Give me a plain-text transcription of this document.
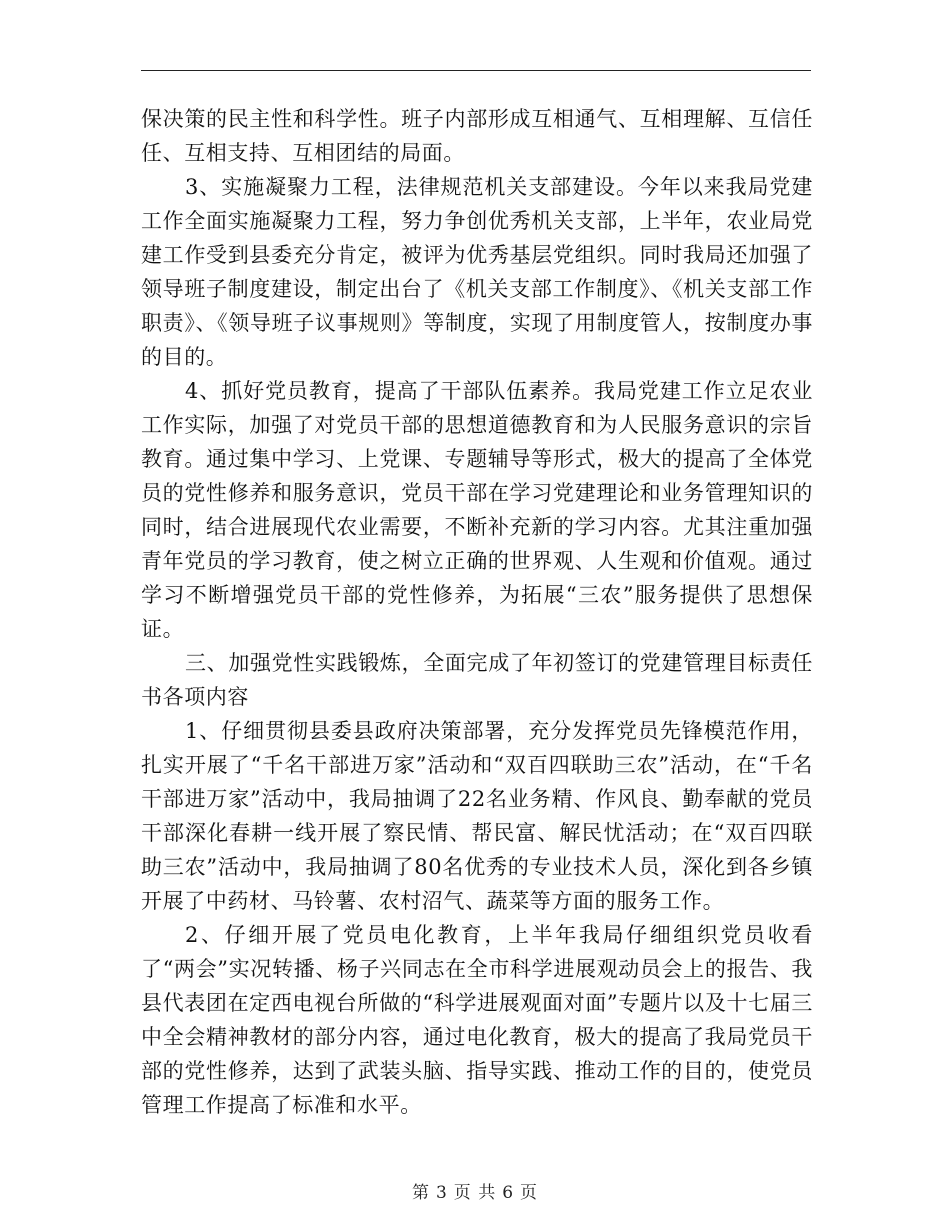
保决策的民主性和科学性。班子内部形成互相通气、互相理解、互信任任、互相支持、互相团结的局面。

3、实施凝聚力工程，法律规范机关支部建设。今年以来我局党建工作全面实施凝聚力工程，努力争创优秀机关支部，上半年，农业局党建工作受到县委充分肯定，被评为优秀基层党组织。同时我局还加强了领导班子制度建设，制定出台了《机关支部工作制度》、《机关支部工作职责》、《领导班子议事规则》等制度，实现了用制度管人，按制度办事的目的。

4、抓好党员教育，提高了干部队伍素养。我局党建工作立足农业工作实际，加强了对党员干部的思想道德教育和为人民服务意识的宗旨教育。通过集中学习、上党课、专题辅导等形式，极大的提高了全体党员的党性修养和服务意识，党员干部在学习党建理论和业务管理知识的同时，结合进展现代农业需要，不断补充新的学习内容。尤其注重加强青年党员的学习教育，使之树立正确的世界观、人生观和价值观。通过学习不断增强党员干部的党性修养，为拓展“三农”服务提供了思想保证。

三、加强党性实践锻炼，全面完成了年初签订的党建管理目标责任书各项内容

1、仔细贯彻县委县政府决策部署，充分发挥党员先锋模范作用，扎实开展了“千名干部进万家”活动和“双百四联助三农”活动，在“千名干部进万家”活动中，我局抽调了22名业务精、作风良、勤奉献的党员干部深化春耕一线开展了察民情、帮民富、解民忧活动；在“双百四联助三农”活动中，我局抽调了80名优秀的专业技术人员，深化到各乡镇开展了中药材、马铃薯、农村沼气、蔬菜等方面的服务工作。

2、仔细开展了党员电化教育，上半年我局仔细组织党员收看了“两会”实况转播、杨子兴同志在全市科学进展观动员会上的报告、我县代表团在定西电视台所做的“科学进展观面对面”专题片以及十七届三中全会精神教材的部分内容，通过电化教育，极大的提高了我局党员干部的党性修养，达到了武装头脑、指导实践、推动工作的目的，使党员管理工作提高了标准和水平。

第 3 页 共 6 页
